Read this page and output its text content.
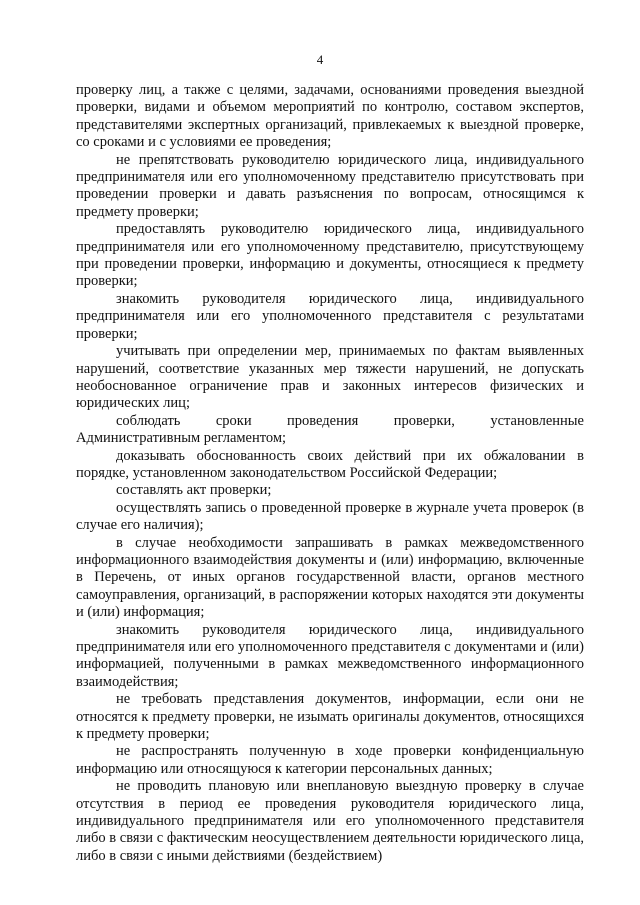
4

проверку лиц, а также с целями, задачами, основаниями проведения выездной проверки, видами и объемом мероприятий по контролю, составом экспертов, представителями экспертных организаций, привлекаемых к выездной проверке, со сроками и с условиями ее проведения;

не препятствовать руководителю юридического лица, индивидуального предпринимателя или его уполномоченному представителю присутствовать при проведении проверки и давать разъяснения по вопросам, относящимся к предмету проверки;

предоставлять руководителю юридического лица, индивидуального предпринимателя или его уполномоченному представителю, присутствующему при проведении проверки, информацию и документы, относящиеся к предмету проверки;

знакомить руководителя юридического лица, индивидуального предпринимателя или его уполномоченного представителя с результатами проверки;

учитывать при определении мер, принимаемых по фактам выявленных нарушений, соответствие указанных мер тяжести нарушений, не допускать необоснованное ограничение прав и законных интересов физических и юридических лиц;

соблюдать сроки проведения проверки, установленные Административным регламентом;

доказывать обоснованность своих действий при их обжаловании в порядке, установленном законодательством Российской Федерации;

составлять акт проверки;

осуществлять запись о проведенной проверке в журнале учета проверок (в случае его наличия);

в случае необходимости запрашивать в рамках межведомственного информационного взаимодействия документы и (или) информацию, включенные в Перечень, от иных органов государственной власти, органов местного самоуправления, организаций, в распоряжении которых находятся эти документы и (или) информация;

знакомить руководителя юридического лица, индивидуального предпринимателя или его уполномоченного представителя с документами и (или) информацией, полученными в рамках межведомственного информационного взаимодействия;

не требовать представления документов, информации, если они не относятся к предмету проверки, не изымать оригиналы документов, относящихся к предмету проверки;

не распространять полученную в ходе проверки конфиденциальную информацию или относящуюся к категории персональных данных;

не проводить плановую или внеплановую выездную проверку в случае отсутствия в период ее проведения руководителя юридического лица, индивидуального предпринимателя или его уполномоченного представителя либо в связи с фактическим неосуществлением деятельности юридического лица, либо в связи с иными действиями (бездействием)
